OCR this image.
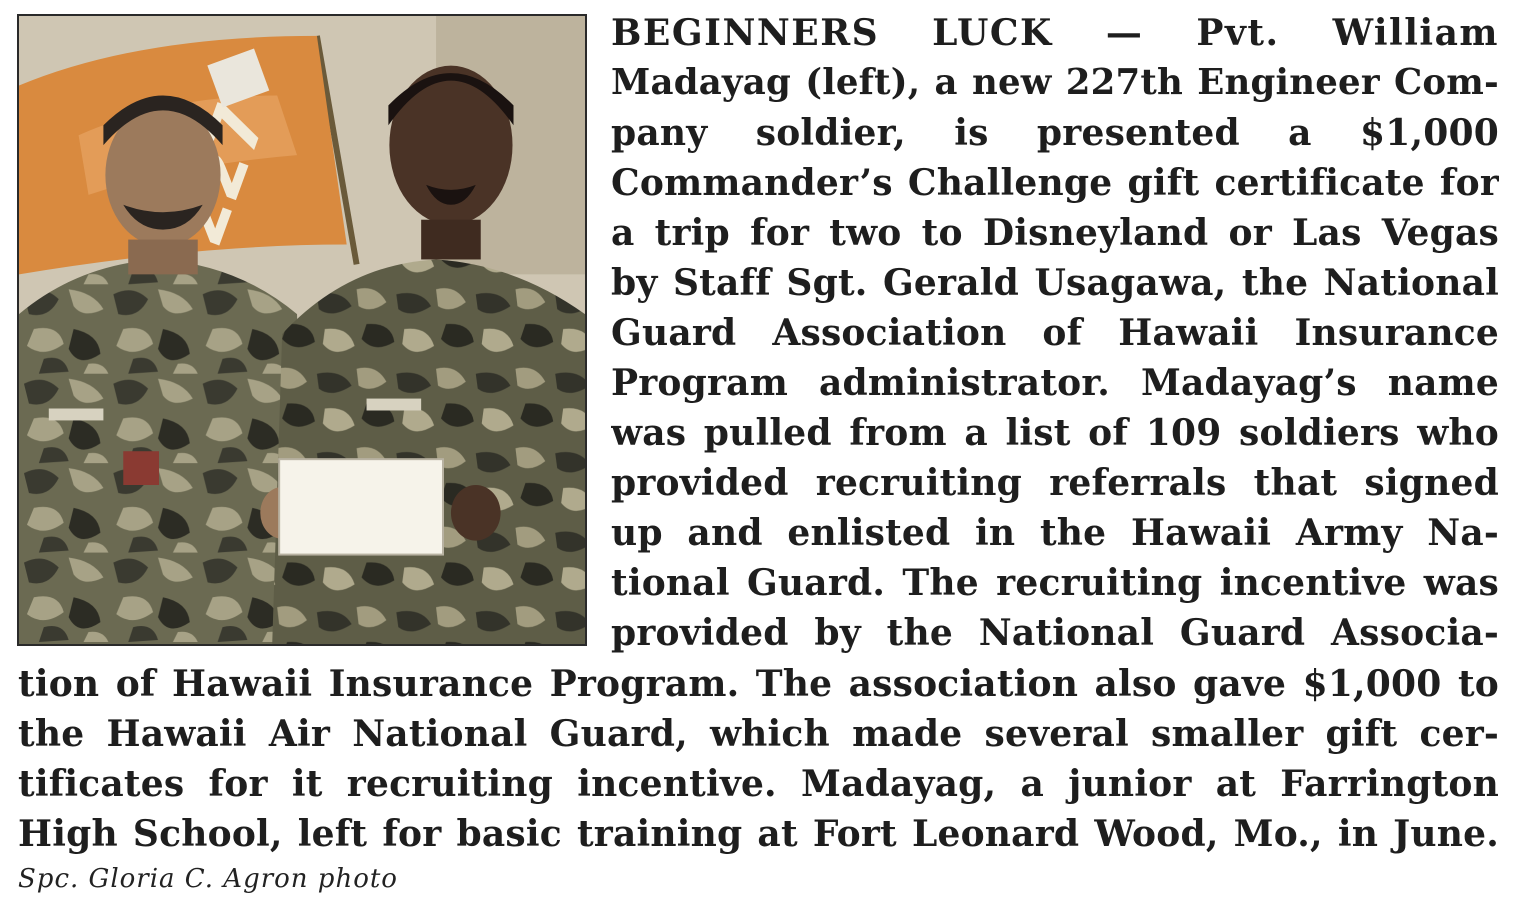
BEGINNERS LUCK — Pvt. William
Madayag (left), a new 227th Engineer Com-
pany soldier, is presented a $1,000
Commander’s Challenge gift certificate for
a trip for two to Disneyland or Las Vegas
by Staff Sgt. Gerald Usagawa, the National
Guard Association of Hawaii Insurance
Program administrator. Madayag’s name
was pulled from a list of 109 soldiers who
provided recruiting referrals that signed
up and enlisted in the Hawaii Army Na-
tional Guard. The recruiting incentive was
provided by the National Guard Associa-
tion of Hawaii Insurance Program. The association also gave $1,000 to
the Hawaii Air National Guard, which made several smaller gift cer-
tificates for it recruiting incentive. Madayag, a junior at Farrington
High School, left for basic training at Fort Leonard Wood, Mo., in June.
Spc. Gloria C. Agron photo
